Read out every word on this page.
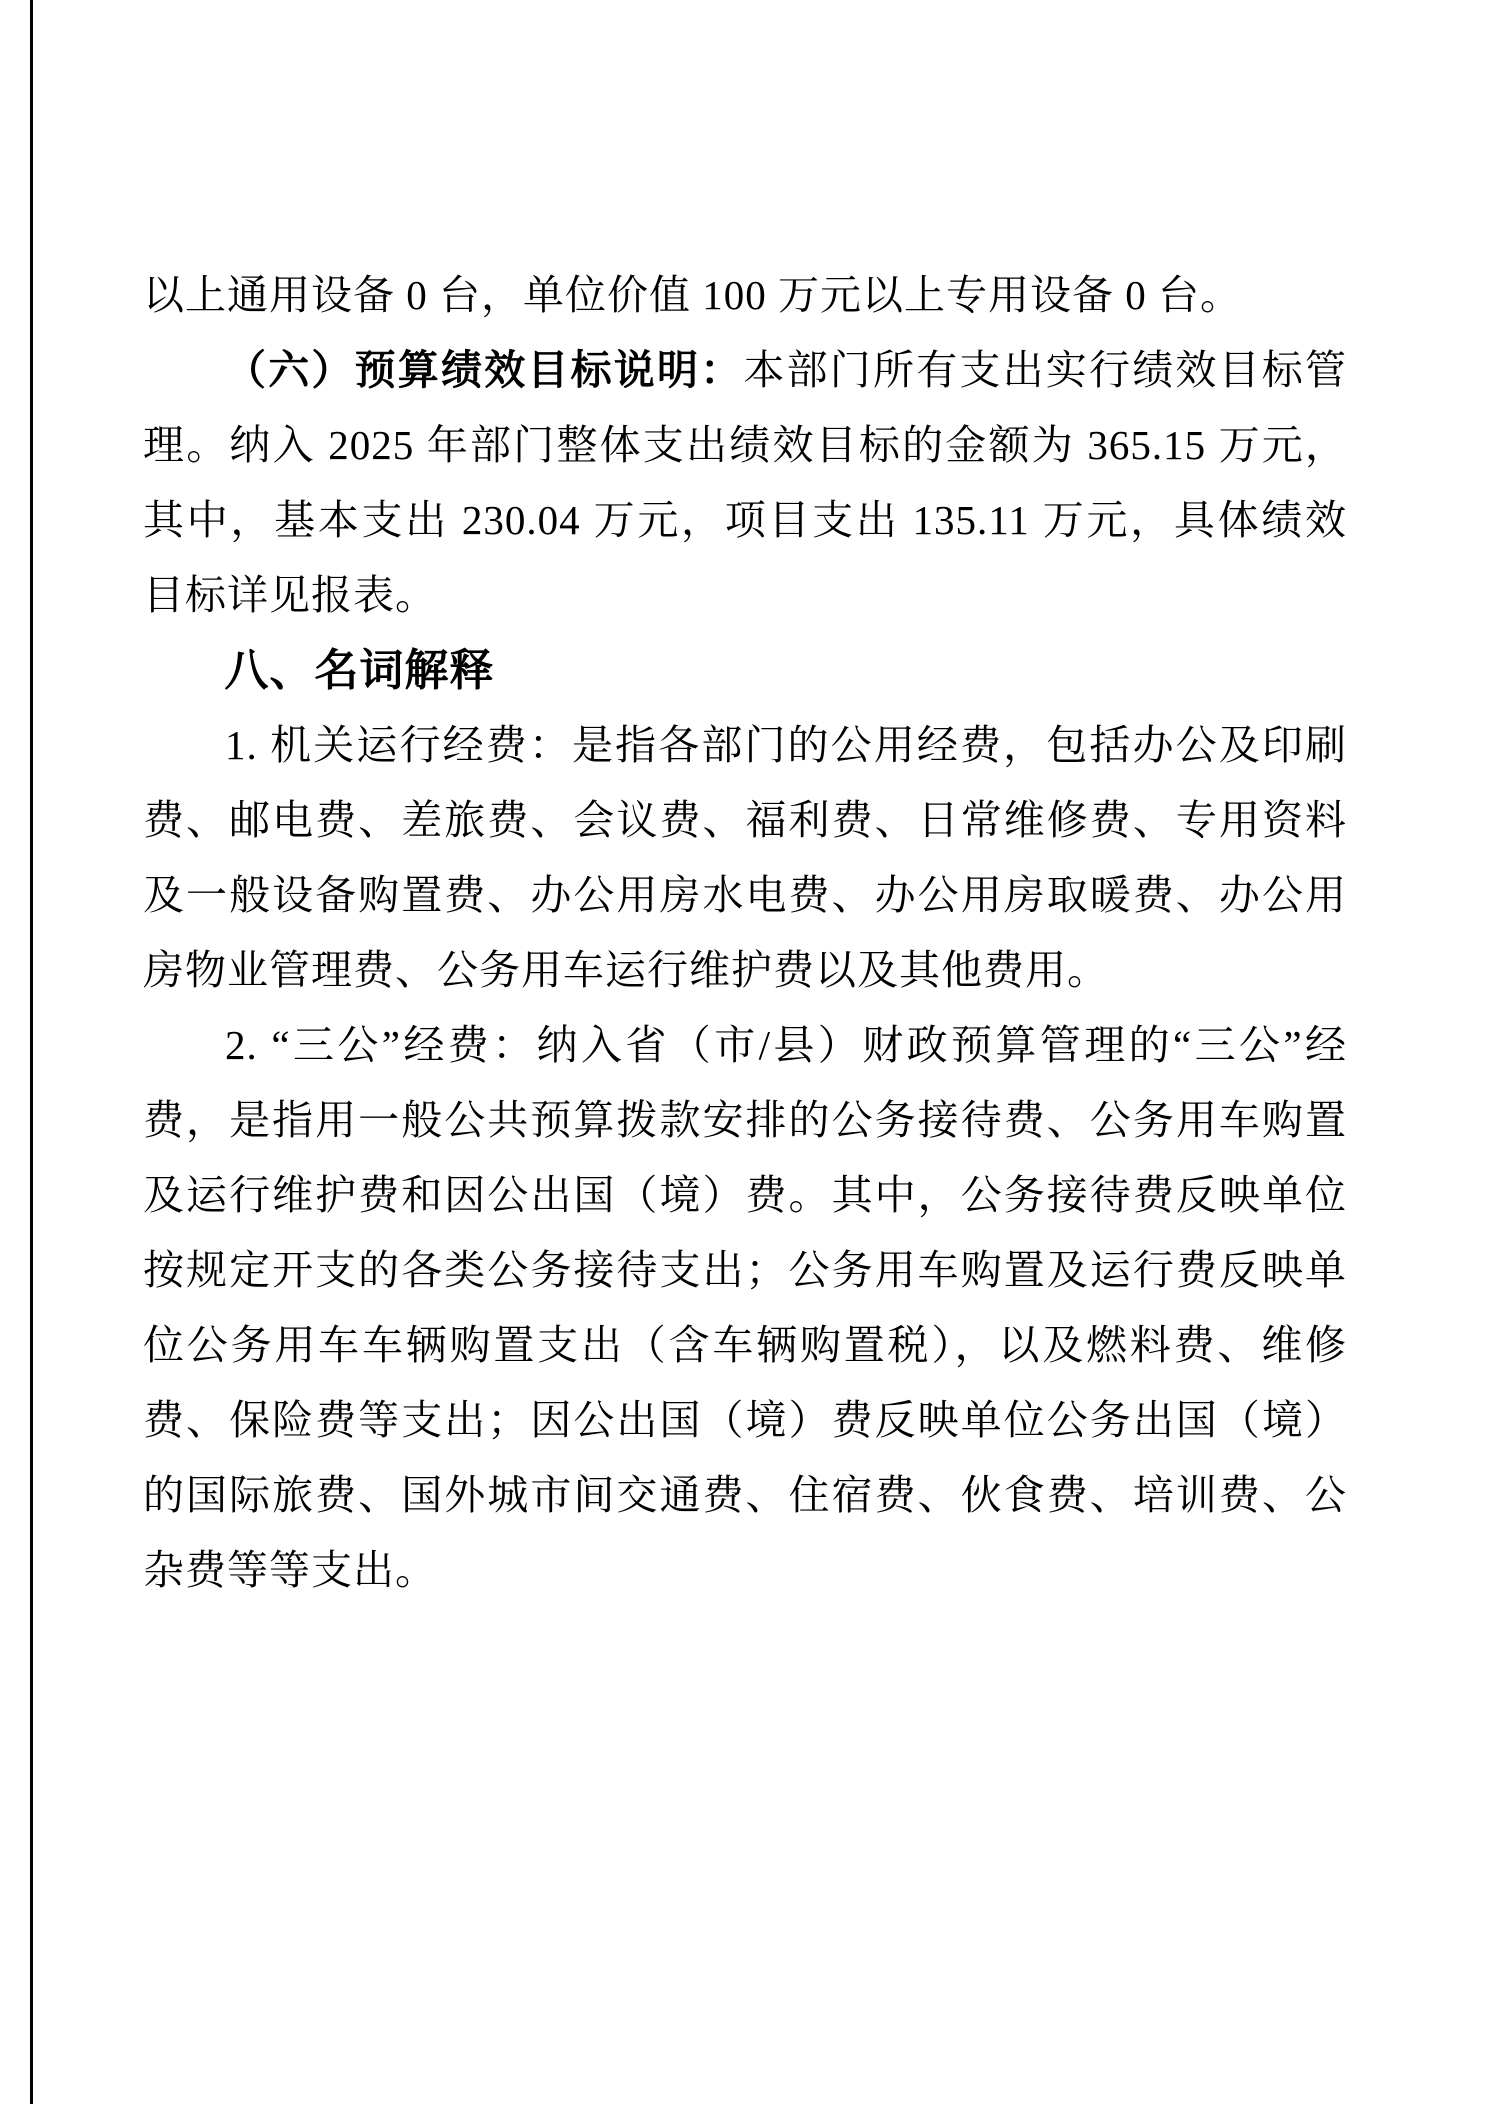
以上通用设备 0 台，单位价值 100 万元以上专用设备 0 台。

（六）预算绩效目标说明：本部门所有支出实行绩效目标管理。纳入 2025 年部门整体支出绩效目标的金额为 365.15 万元，其中，基本支出 230.04 万元，项目支出 135.11 万元，具体绩效目标详见报表。

八、名词解释

1. 机关运行经费：是指各部门的公用经费，包括办公及印刷费、邮电费、差旅费、会议费、福利费、日常维修费、专用资料及一般设备购置费、办公用房水电费、办公用房取暖费、办公用房物业管理费、公务用车运行维护费以及其他费用。

2. “三公”经费：纳入省（市/县）财政预算管理的“三公”经费，是指用一般公共预算拨款安排的公务接待费、公务用车购置及运行维护费和因公出国（境）费。其中，公务接待费反映单位按规定开支的各类公务接待支出；公务用车购置及运行费反映单位公务用车车辆购置支出（含车辆购置税），以及燃料费、维修费、保险费等支出；因公出国（境）费反映单位公务出国（境）的国际旅费、国外城市间交通费、住宿费、伙食费、培训费、公杂费等等支出。
